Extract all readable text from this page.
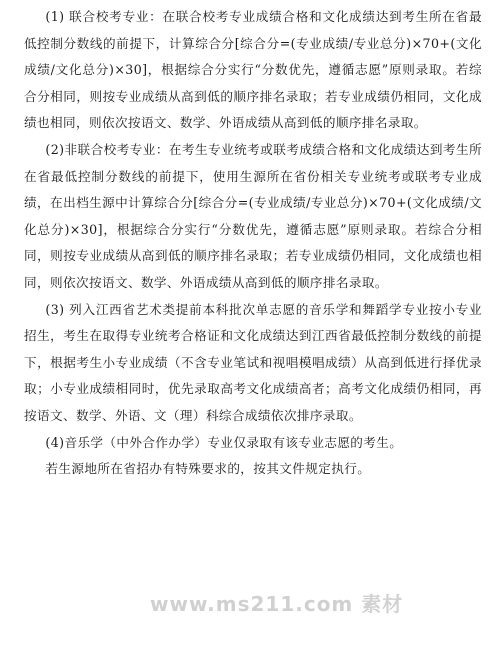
(1) 联合校考专业：在联合校考专业成绩合格和文化成绩达到考生所在省最低控制分数线的前提下，计算综合分[综合分=(专业成绩/专业总分)×70+(文化成绩/文化总分)×30]，根据综合分实行“分数优先，遵循志愿”原则录取。若综合分相同，则按专业成绩从高到低的顺序排名录取；若专业成绩仍相同，文化成绩也相同，则依次按语文、数学、外语成绩从高到低的顺序排名录取。

(2)非联合校考专业：在考生专业统考或联考成绩合格和文化成绩达到考生所在省最低控制分数线的前提下，使用生源所在省份相关专业统考或联考专业成绩，在出档生源中计算综合分[综合分=(专业成绩/专业总分)×70+(文化成绩/文化总分)×30]，根据综合分实行“分数优先，遵循志愿”原则录取。若综合分相同，则按专业成绩从高到低的顺序排名录取；若专业成绩仍相同，文化成绩也相同，则依次按语文、数学、外语成绩从高到低的顺序排名录取。

(3) 列入江西省艺术类提前本科批次单志愿的音乐学和舞蹈学专业按小专业招生，考生在取得专业统考合格证和文化成绩达到江西省最低控制分数线的前提下，根据考生小专业成绩（不含专业笔试和视唱模唱成绩）从高到低进行择优录取；小专业成绩相同时，优先录取高考文化成绩高者；高考文化成绩仍相同，再按语文、数学、外语、文（理）科综合成绩依次排序录取。

(4)音乐学（中外合作办学）专业仅录取有该专业志愿的考生。

若生源地所在省招办有特殊要求的，按其文件规定执行。

www.ms211.com 素材
